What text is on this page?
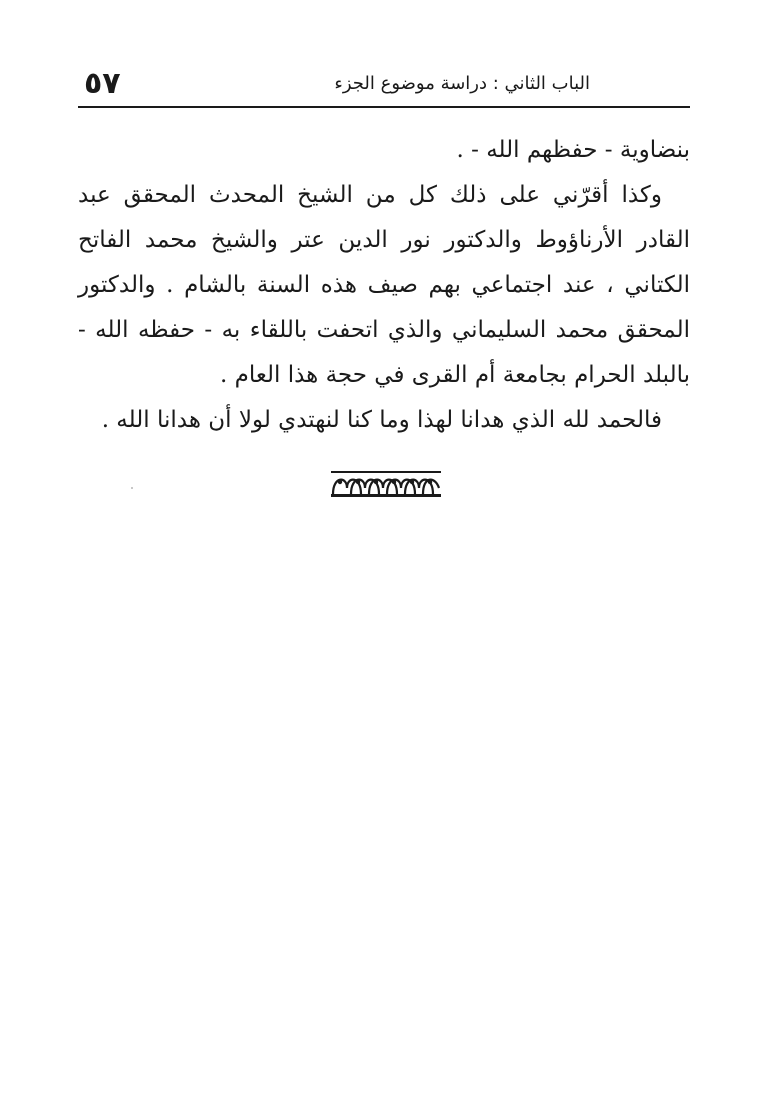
٥٧	الباب الثاني : دراسة موضوع الجزء

بنضاوية - حفظهم الله - .

وكذا أقرّني على ذلك كل من الشيخ المحدث المحقق عبد القادر الأرناؤوط والدكتور نور الدين عتر والشيخ محمد الفاتح الكتاني ، عند اجتماعي بهم صيف هذه السنة بالشام . والدكتور المحقق محمد السليماني والذي اتحفت باللقاء به - حفظه الله - بالبلد الحرام بجامعة أم القرى في حجة هذا العام .

فالحمد لله الذي هدانا لهذا وما كنا لنهتدي لولا أن هدانا الله .
